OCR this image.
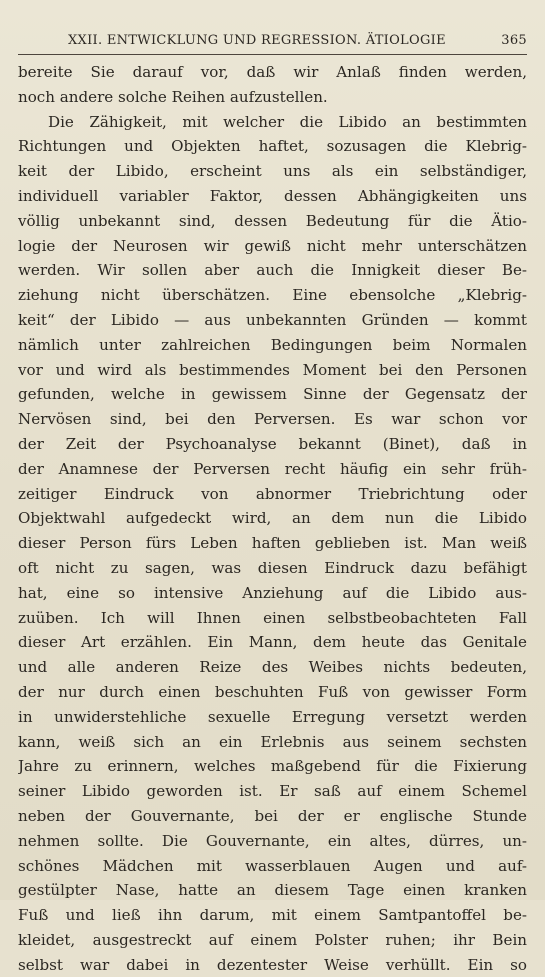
XXII. ENTWICKLUNG UND REGRESSION. ÄTIOLOGIE	365
bereite Sie darauf vor, daß wir Anlaß finden werden,
noch andere solche Reihen aufzustellen.
Die Zähigkeit, mit welcher die Libido an bestimmten
Richtungen und Objekten haftet, sozusagen die Klebrig-
keit der Libido, erscheint uns als ein selbständiger,
individuell variabler Faktor, dessen Abhängigkeiten uns
völlig unbekannt sind, dessen Bedeutung für die Ätio-
logie der Neurosen wir gewiß nicht mehr unterschätzen
werden. Wir sollen aber auch die Innigkeit dieser Be-
ziehung nicht überschätzen. Eine ebensolche „Klebrig-
keit“ der Libido — aus unbekannten Gründen — kommt
nämlich unter zahlreichen Bedingungen beim Normalen
vor und wird als bestimmendes Moment bei den Personen
gefunden, welche in gewissem Sinne der Gegensatz der
Nervösen sind, bei den Perversen. Es war schon vor
der Zeit der Psychoanalyse bekannt (Binet), daß in
der Anamnese der Perversen recht häufig ein sehr früh-
zeitiger Eindruck von abnormer Triebrichtung oder
Objektwahl aufgedeckt wird, an dem nun die Libido
dieser Person fürs Leben haften geblieben ist. Man weiß
oft nicht zu sagen, was diesen Eindruck dazu befähigt
hat, eine so intensive Anziehung auf die Libido aus-
zuüben. Ich will Ihnen einen selbstbeobachteten Fall
dieser Art erzählen. Ein Mann, dem heute das Genitale
und alle anderen Reize des Weibes nichts bedeuten,
der nur durch einen beschuhten Fuß von gewisser Form
in unwiderstehliche sexuelle Erregung versetzt werden
kann, weiß sich an ein Erlebnis aus seinem sechsten
Jahre zu erinnern, welches maßgebend für die Fixierung
seiner Libido geworden ist. Er saß auf einem Schemel
neben der Gouvernante, bei der er englische Stunde
nehmen sollte. Die Gouvernante, ein altes, dürres, un-
schönes Mädchen mit wasserblauen Augen und auf-
gestülpter Nase, hatte an diesem Tage einen kranken
Fuß und ließ ihn darum, mit einem Samtpantoffel be-
kleidet, ausgestreckt auf einem Polster ruhen; ihr Bein
selbst war dabei in dezentester Weise verhüllt. Ein so
